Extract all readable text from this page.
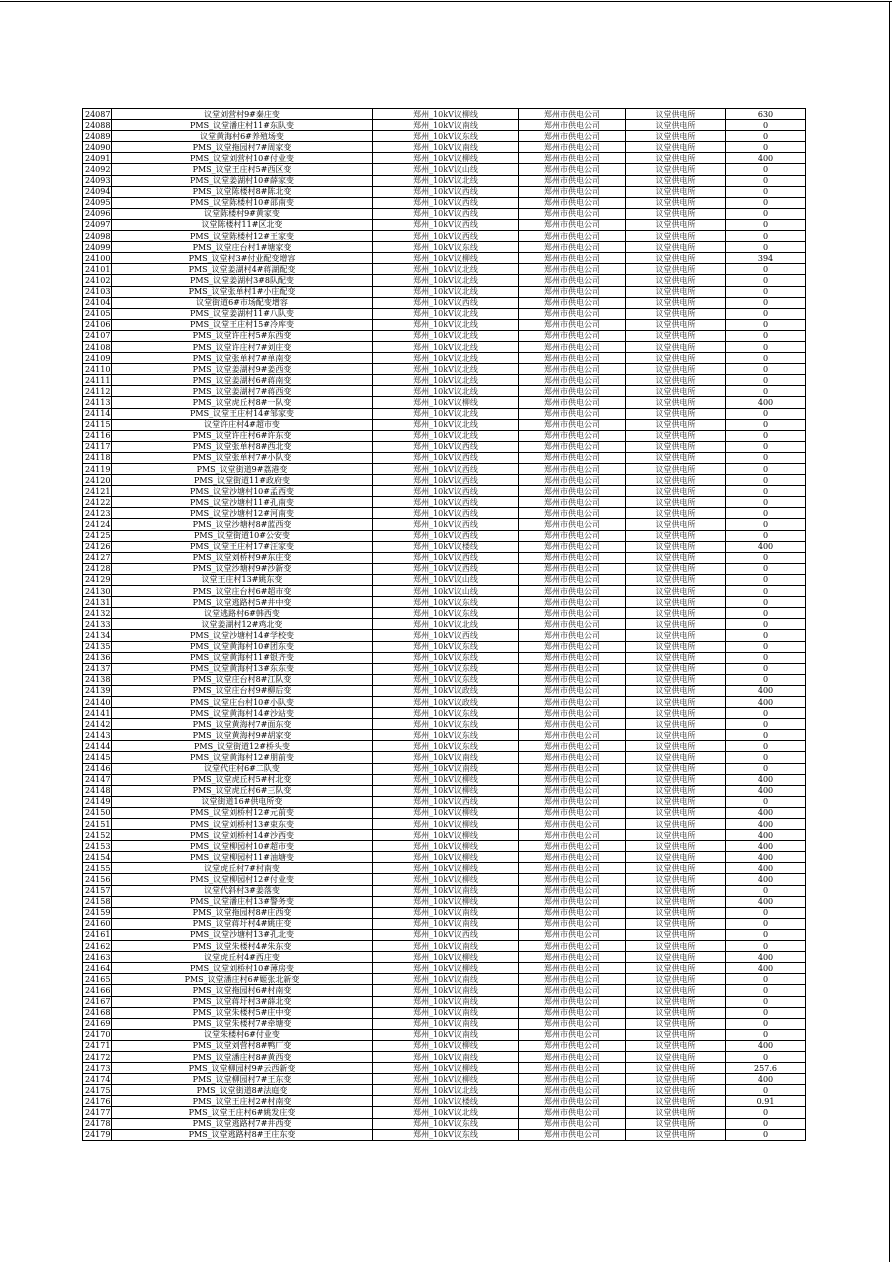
24087	议堂刘营村9#秦庄变	郑州_10kV议柳线	郑州市供电公司	议堂供电所	630
24088	PMS_议堂潘庄村11#东队变	郑州_10kV议南线	郑州市供电公司	议堂供电所	0
24089	议堂黄海村6#养殖场变	郑州_10kV议东线	郑州市供电公司	议堂供电所	0
24090	PMS_议堂拖园村7#周家变	郑州_10kV议南线	郑州市供电公司	议堂供电所	0
24091	PMS_议堂刘营村10#付业变	郑州_10kV议柳线	郑州市供电公司	议堂供电所	400
24092	PMS_议堂王庄村5#西区变	郑州_10kV议山线	郑州市供电公司	议堂供电所	0
24093	PMS_议堂姜湖村10#薛家变	郑州_10kV议北线	郑州市供电公司	议堂供电所	0
24094	PMS_议堂陈楼村8#陈北变	郑州_10kV议西线	郑州市供电公司	议堂供电所	0
24095	PMS_议堂陈楼村10#邵南变	郑州_10kV议西线	郑州市供电公司	议堂供电所	0
24096	议堂陈楼村9#黄家变	郑州_10kV议西线	郑州市供电公司	议堂供电所	0
24097	议堂陈楼村11#区北变	郑州_10kV议西线	郑州市供电公司	议堂供电所	0
24098	PMS_议堂陈楼村12#王家变	郑州_10kV议西线	郑州市供电公司	议堂供电所	0
24099	PMS_议堂庄台村1#塘家变	郑州_10kV议东线	郑州市供电公司	议堂供电所	0
24100	PMS_议堂村3#付业配变增容	郑州_10kV议柳线	郑州市供电公司	议堂供电所	394
24101	PMS_议堂姜湖村4#蒋湖配变	郑州_10kV议北线	郑州市供电公司	议堂供电所	0
24102	PMS_议堂姜湖村3#8队配变	郑州_10kV议北线	郑州市供电公司	议堂供电所	0
24103	PMS_议堂张单村1#小庄配变	郑州_10kV议北线	郑州市供电公司	议堂供电所	0
24104	议堂街道6#市场配变增容	郑州_10kV议西线	郑州市供电公司	议堂供电所	0
24105	PMS_议堂姜湖村11#八队变	郑州_10kV议北线	郑州市供电公司	议堂供电所	0
24106	PMS_议堂王庄村15#冷库变	郑州_10kV议北线	郑州市供电公司	议堂供电所	0
24107	PMS_议堂许庄村5#东西变	郑州_10kV议北线	郑州市供电公司	议堂供电所	0
24108	PMS_议堂许庄村7#刘庄变	郑州_10kV议北线	郑州市供电公司	议堂供电所	0
24109	PMS_议堂张单村7#单南变	郑州_10kV议北线	郑州市供电公司	议堂供电所	0
24110	PMS_议堂姜湖村9#姜西变	郑州_10kV议北线	郑州市供电公司	议堂供电所	0
24111	PMS_议堂姜湖村6#蒋南变	郑州_10kV议北线	郑州市供电公司	议堂供电所	0
24112	PMS_议堂姜湖村7#蒋西变	郑州_10kV议北线	郑州市供电公司	议堂供电所	0
24113	PMS_议堂虎丘村8#一队变	郑州_10kV议柳线	郑州市供电公司	议堂供电所	400
24114	PMS_议堂王庄村14#邹家变	郑州_10kV议北线	郑州市供电公司	议堂供电所	0
24115	议堂许庄村4#超市变	郑州_10kV议北线	郑州市供电公司	议堂供电所	0
24116	PMS_议堂许庄村6#许东变	郑州_10kV议北线	郑州市供电公司	议堂供电所	0
24117	PMS_议堂张单村8#西北变	郑州_10kV议西线	郑州市供电公司	议堂供电所	0
24118	PMS_议堂张单村7#小队变	郑州_10kV议西线	郑州市供电公司	议堂供电所	0
24119	PMS_议堂街道9#荔港变	郑州_10kV议西线	郑州市供电公司	议堂供电所	0
24120	PMS_议堂街道11#政府变	郑州_10kV议西线	郑州市供电公司	议堂供电所	0
24121	PMS_议堂沙塘村10#孟西变	郑州_10kV议西线	郑州市供电公司	议堂供电所	0
24122	PMS_议堂沙塘村11#孔南变	郑州_10kV议西线	郑州市供电公司	议堂供电所	0
24123	PMS_议堂沙塘村12#河南变	郑州_10kV议西线	郑州市供电公司	议堂供电所	0
24124	PMS_议堂沙塘村8#蓝西变	郑州_10kV议西线	郑州市供电公司	议堂供电所	0
24125	PMS_议堂街道10#公安变	郑州_10kV议西线	郑州市供电公司	议堂供电所	0
24126	PMS_议堂王庄村17#汪家变	郑州_10kV议楼线	郑州市供电公司	议堂供电所	400
24127	PMS_议堂刘桥村9#东庄变	郑州_10kV议西线	郑州市供电公司	议堂供电所	0
24128	PMS_议堂沙塘村9#沙新变	郑州_10kV议西线	郑州市供电公司	议堂供电所	0
24129	议堂王庄村13#姚东变	郑州_10kV议山线	郑州市供电公司	议堂供电所	0
24130	PMS_议堂庄台村6#超市变	郑州_10kV议山线	郑州市供电公司	议堂供电所	0
24131	PMS_议堂逃路村5#井中变	郑州_10kV议东线	郑州市供电公司	议堂供电所	0
24132	议堂逃路村6#韩西变	郑州_10kV议东线	郑州市供电公司	议堂供电所	0
24133	议堂姜湖村12#鸡北变	郑州_10kV议北线	郑州市供电公司	议堂供电所	0
24134	PMS_议堂沙塘村14#学校变	郑州_10kV议西线	郑州市供电公司	议堂供电所	0
24135	PMS_议堂黄海村10#团东变	郑州_10kV议东线	郑州市供电公司	议堂供电所	0
24136	PMS_议堂黄海村11#银齐变	郑州_10kV议东线	郑州市供电公司	议堂供电所	0
24137	PMS_议堂黄海村13#东东变	郑州_10kV议东线	郑州市供电公司	议堂供电所	0
24138	PMS_议堂庄台村8#江队变	郑州_10kV议东线	郑州市供电公司	议堂供电所	0
24139	PMS_议堂庄台村9#柳后变	郑州_10kV议政线	郑州市供电公司	议堂供电所	400
24140	PMS_议堂庄台村10#小队变	郑州_10kV议政线	郑州市供电公司	议堂供电所	400
24141	PMS_议堂黄海村14#沙站变	郑州_10kV议东线	郑州市供电公司	议堂供电所	0
24142	PMS_议堂黄海村7#面东变	郑州_10kV议东线	郑州市供电公司	议堂供电所	0
24143	PMS_议堂黄海村9#胡家变	郑州_10kV议东线	郑州市供电公司	议堂供电所	0
24144	PMS_议堂街道12#桥头变	郑州_10kV议东线	郑州市供电公司	议堂供电所	0
24145	PMS_议堂黄海村12#朋前变	郑州_10kV议南线	郑州市供电公司	议堂供电所	0
24146	议堂代庄村6#二队变	郑州_10kV议南线	郑州市供电公司	议堂供电所	0
24147	PMS_议堂虎丘村5#村北变	郑州_10kV议柳线	郑州市供电公司	议堂供电所	400
24148	PMS_议堂虎丘村6#三队变	郑州_10kV议柳线	郑州市供电公司	议堂供电所	400
24149	议堂街道16#供电所变	郑州_10kV议西线	郑州市供电公司	议堂供电所	0
24150	PMS_议堂刘桥村12#元前变	郑州_10kV议柳线	郑州市供电公司	议堂供电所	400
24151	PMS_议堂刘桥村13#束东变	郑州_10kV议柳线	郑州市供电公司	议堂供电所	400
24152	PMS_议堂刘桥村14#沙西变	郑州_10kV议柳线	郑州市供电公司	议堂供电所	400
24153	PMS_议堂柳园村10#超市变	郑州_10kV议柳线	郑州市供电公司	议堂供电所	400
24154	PMS_议堂柳园村11#油塘变	郑州_10kV议柳线	郑州市供电公司	议堂供电所	400
24155	议堂虎丘村7#村南变	郑州_10kV议柳线	郑州市供电公司	议堂供电所	400
24156	PMS_议堂柳园村12#付业变	郑州_10kV议柳线	郑州市供电公司	议堂供电所	400
24157	议堂代斜村3#姜落变	郑州_10kV议南线	郑州市供电公司	议堂供电所	0
24158	PMS_议堂潘庄村13#警务变	郑州_10kV议柳线	郑州市供电公司	议堂供电所	400
24159	PMS_议堂拖园村8#庄西变	郑州_10kV议南线	郑州市供电公司	议堂供电所	0
24160	PMS_议堂蒋圩村4#姚庄变	郑州_10kV议南线	郑州市供电公司	议堂供电所	0
24161	PMS_议堂沙塘村13#孔北变	郑州_10kV议西线	郑州市供电公司	议堂供电所	0
24162	PMS_议堂朱楼村4#朱东变	郑州_10kV议南线	郑州市供电公司	议堂供电所	0
24163	议堂虎丘村4#西庄变	郑州_10kV议柳线	郑州市供电公司	议堂供电所	400
24164	PMS_议堂刘桥村10#薄房变	郑州_10kV议柳线	郑州市供电公司	议堂供电所	400
24165	PMS_议堂潘庄村6#姬张北新变	郑州_10kV议南线	郑州市供电公司	议堂供电所	0
24166	PMS_议堂拖园村6#村南变	郑州_10kV议南线	郑州市供电公司	议堂供电所	0
24167	PMS_议堂蒋圩村3#薛北变	郑州_10kV议南线	郑州市供电公司	议堂供电所	0
24168	PMS_议堂朱楼村5#庄中变	郑州_10kV议南线	郑州市供电公司	议堂供电所	0
24169	PMS_议堂朱楼村7#牵塘变	郑州_10kV议南线	郑州市供电公司	议堂供电所	0
24170	议堂朱楼村6#付业变	郑州_10kV议南线	郑州市供电公司	议堂供电所	0
24171	PMS_议堂刘营村8#鸭厂变	郑州_10kV议柳线	郑州市供电公司	议堂供电所	400
24172	PMS_议堂潘庄村8#黄西变	郑州_10kV议南线	郑州市供电公司	议堂供电所	0
24173	PMS_议堂柳园村9#云西新变	郑州_10kV议柳线	郑州市供电公司	议堂供电所	257.6
24174	PMS_议堂柳园村7#王东变	郑州_10kV议柳线	郑州市供电公司	议堂供电所	400
24175	PMS_议堂街道8#法庭变	郑州_10kV议北线	郑州市供电公司	议堂供电所	0
24176	PMS_议堂王庄村2#村南变	郑州_10kV议楼线	郑州市供电公司	议堂供电所	0.91
24177	PMS_议堂王庄村6#姚发庄变	郑州_10kV议北线	郑州市供电公司	议堂供电所	0
24178	PMS_议堂逃路村7#井西变	郑州_10kV议东线	郑州市供电公司	议堂供电所	0
24179	PMS_议堂逃路村8#王庄东变	郑州_10kV议东线	郑州市供电公司	议堂供电所	0
